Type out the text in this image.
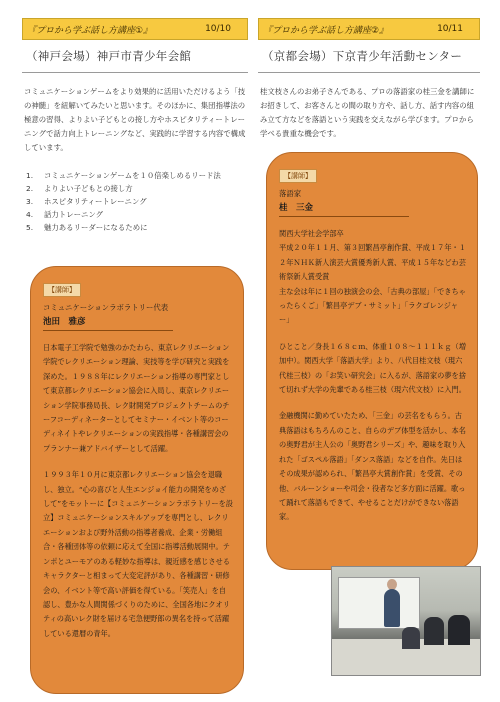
『プロから学ぶ話し方講座①』	10/10
（神戸会場）神戸市青少年会館

コミュニケーションゲームをより効果的に活用いただけるよう「技の神髄」を紐解いてみたいと思います。そのほかに、集団指導法の極意の習得、よりよい子どもとの接し方やホスピタリティートレーニングで話力向上トレーニングなど、実践的に学習する内容で構成しています。

1.	コミュニケーションゲームを１０倍楽しめるリード法
2.	よりよい子どもとの接し方
3.	ホスピタリティートレーニング
4.	話力トレーニング
5.	魅力あるリーダーになるために
【講師】
コミュニケーションラボラトリー代表
池田　雅彦

日本電子工学院で勉強のかたわら、東京レクリエーション学院でレクリエーション理論、実技等を学び研究と実践を深めた。１９８８年にレクリエーション指導の専門家として東京都レクリエーション協会に入局し、東京レクリエーション学院事務局長、レク財開発プロジェクトチームのチーフコーディネーターとしてセミナー・イベント等のコーディネイトやレクリエーションの実践指導・各種講習会のプランナー兼アドバイザーとして活躍。

１９９３年１０月に東京都レクリエーション協会を退職し、独立。“心の喜びと人生エンジョイ能力の開発をめざして”をモットーに【コミュニケーションラボラトリーを設立】コミュニケーションスキルアップを専門とし、レクリエーションおよび野外活動の指導者養成、企業・労働組合・各種団体等の依頼に応えて全国に指導活動展開中。テンポとユーモアのある軽妙な指導は、親近感を感じさせるキャラクターと相まって大変定評があり、各種講習・研修会の、イベント等で高い評価を得ている。「笑売人」を自認し、豊かな人間関係づくりのために、全国各地にクオリティの高いレク財を届ける宅急便野郎の異名を持って活躍している還暦の青年。

『プロから学ぶ話し方講座②』	10/11
（京都会場）下京青少年活動センター

桂文枝さんのお弟子さんである、プロの落語家の桂三金を講師にお招きして、お客さんとの間の取り方や、話し方、話す内容の組み立て方などを落語という実践を交えながら学びます。プロから学べる貴重な機会です。

【講師】
落語家
桂　三金

関西大学社会学部卒
平成２０年１１月、第３回繁昌亭創作賞、平成１７年・１２年ＮＨＫ新人演芸大賞優秀新人賞、平成１５年などわ芸術祭新人賞受賞
主な会は年に１回の独演会の会、「古典の部屋」「できちゃったらくご」「繁昌亭デブ・サミット」「ラクゴレンジャー」

ひとこと／身長１６８ｃｍ、体重１０８～１１１ｋｇ（増加中）。関西大学「落語大学」より、八代目桂文枝（現六代桂三枝）の「お笑い研究会」に入るが、落語家の夢を捨て切れず大学の先輩である桂三枝（現六代文枝）に入門。

金融機関に勤めていたため、「三金」の芸名をもらう。古典落語はもちろんのこと、自らのデブ体型を活かし、本名の奥野君が主人公の「奥野君シリーズ」や、趣味を取り入れた「ゴスペル落語」「ダンス落語」などを自作。先日はその成果が認められ、「繁昌亭大賞創作賞」を受賞、その他、バルーンショーや司会・役者など多方面に活躍。歌って踊れて落語もできて、やせることだけができない落語家。
